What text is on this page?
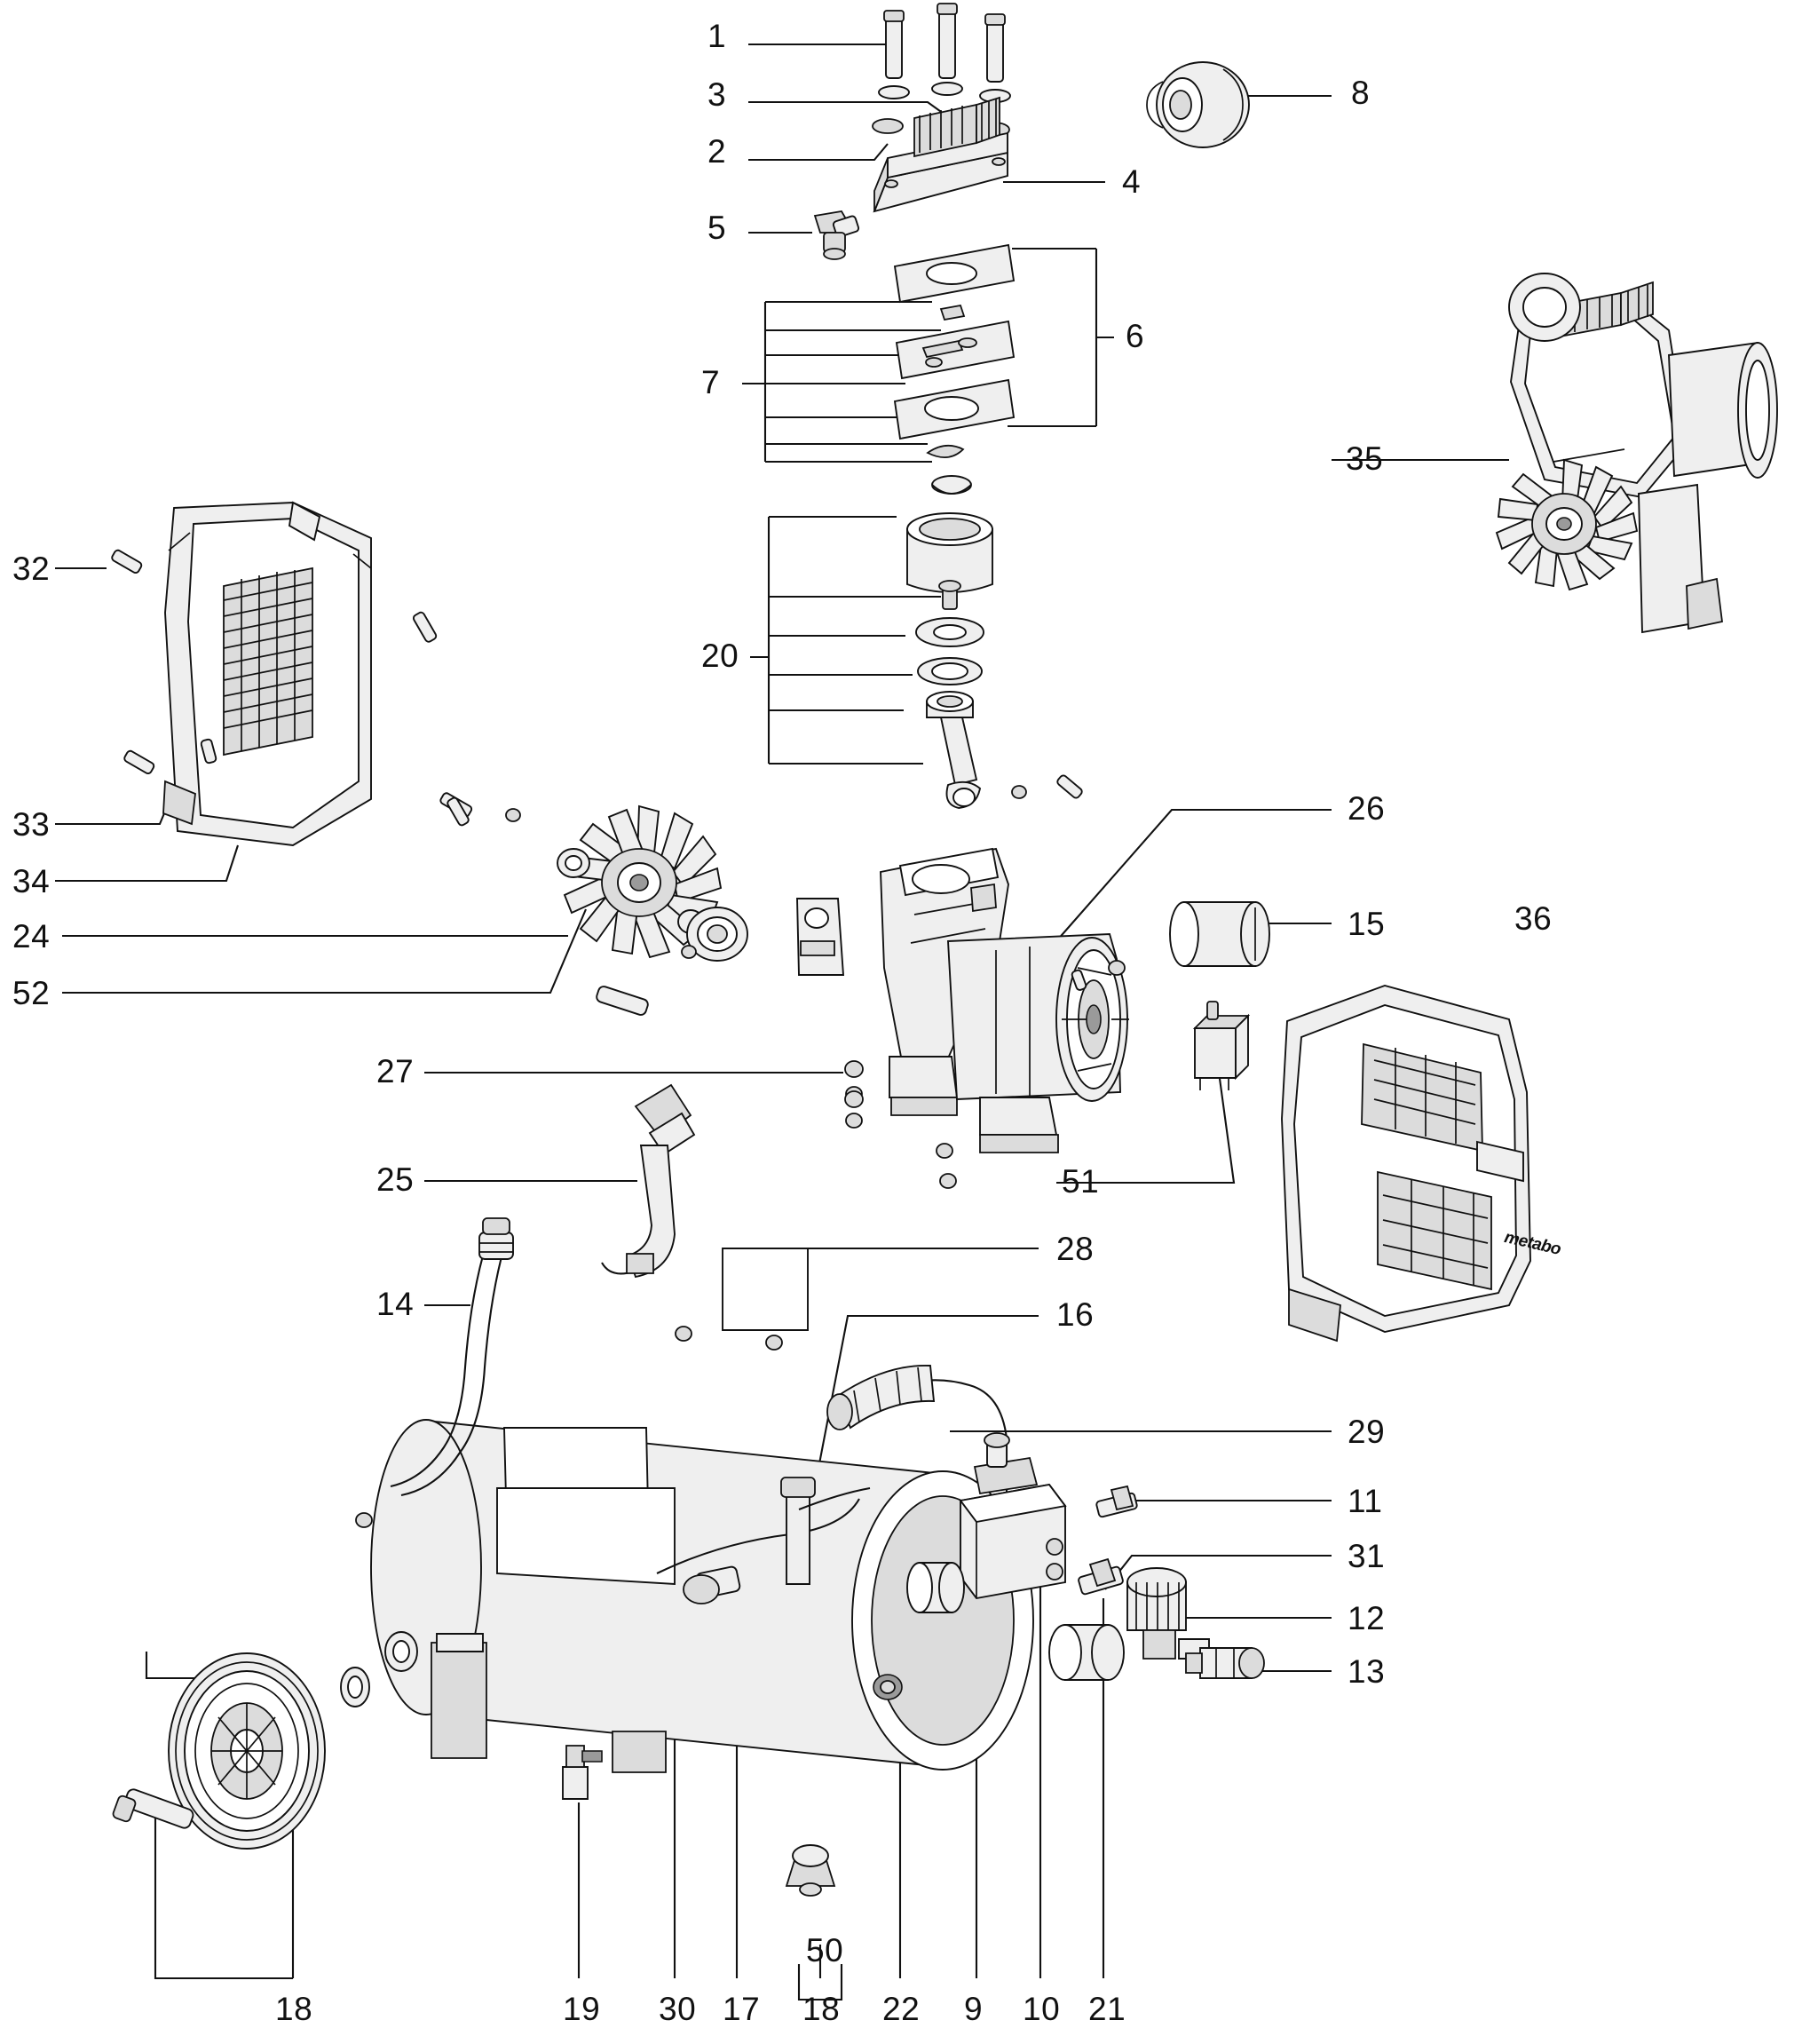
metabo
1
3
2
5
7
6
4
8
20
32
33
34
24
52
35
26
15	36
27
25	51
28
14	16
29
11
31
12
13
50
18	19 30 17 18 22 9 10 21
